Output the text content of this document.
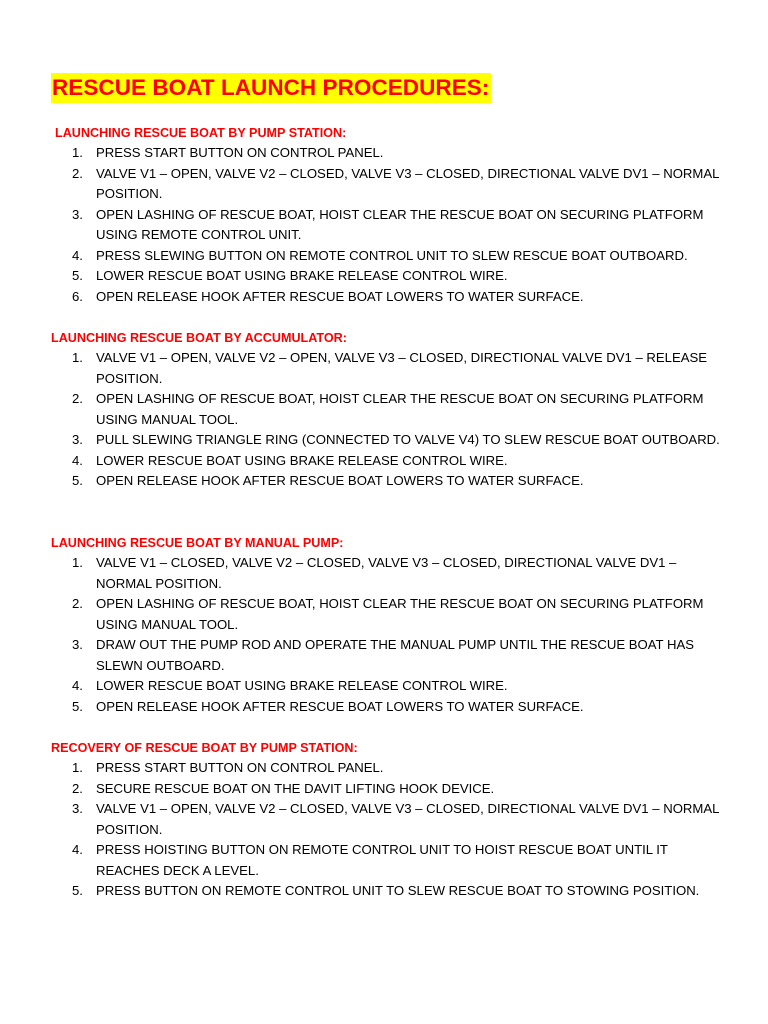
RESCUE BOAT LAUNCH PROCEDURES:
LAUNCHING RESCUE BOAT BY PUMP STATION:
1. PRESS START BUTTON ON CONTROL PANEL.
2. VALVE V1 – OPEN, VALVE V2 – CLOSED, VALVE V3 – CLOSED, DIRECTIONAL VALVE DV1 – NORMAL POSITION.
3. OPEN LASHING OF RESCUE BOAT, HOIST CLEAR THE RESCUE BOAT ON SECURING PLATFORM USING REMOTE CONTROL UNIT.
4. PRESS SLEWING BUTTON ON REMOTE CONTROL UNIT TO SLEW RESCUE BOAT OUTBOARD.
5. LOWER RESCUE BOAT USING BRAKE RELEASE CONTROL WIRE.
6. OPEN RELEASE HOOK AFTER RESCUE BOAT LOWERS TO WATER SURFACE.
LAUNCHING RESCUE BOAT BY ACCUMULATOR:
1. VALVE V1 – OPEN, VALVE V2 – OPEN, VALVE V3 – CLOSED, DIRECTIONAL VALVE DV1 – RELEASE POSITION.
2. OPEN LASHING OF RESCUE BOAT, HOIST CLEAR THE RESCUE BOAT ON SECURING PLATFORM USING MANUAL TOOL.
3. PULL SLEWING TRIANGLE RING (CONNECTED TO VALVE V4) TO SLEW RESCUE BOAT OUTBOARD.
4. LOWER RESCUE BOAT USING BRAKE RELEASE CONTROL WIRE.
5. OPEN RELEASE HOOK AFTER RESCUE BOAT LOWERS TO WATER SURFACE.
LAUNCHING RESCUE BOAT BY MANUAL PUMP:
1. VALVE V1 – CLOSED, VALVE V2 – CLOSED, VALVE V3 – CLOSED, DIRECTIONAL VALVE DV1 – NORMAL POSITION.
2. OPEN LASHING OF RESCUE BOAT, HOIST CLEAR THE RESCUE BOAT ON SECURING PLATFORM USING MANUAL TOOL.
3. DRAW OUT THE PUMP ROD AND OPERATE THE MANUAL PUMP UNTIL THE RESCUE BOAT HAS SLEWN OUTBOARD.
4. LOWER RESCUE BOAT USING BRAKE RELEASE CONTROL WIRE.
5. OPEN RELEASE HOOK AFTER RESCUE BOAT LOWERS TO WATER SURFACE.
RECOVERY OF RESCUE BOAT BY PUMP STATION:
1. PRESS START BUTTON ON CONTROL PANEL.
2. SECURE RESCUE BOAT ON THE DAVIT LIFTING HOOK DEVICE.
3. VALVE V1 – OPEN, VALVE V2 – CLOSED, VALVE V3 – CLOSED, DIRECTIONAL VALVE DV1 – NORMAL POSITION.
4. PRESS HOISTING BUTTON ON REMOTE CONTROL UNIT TO HOIST RESCUE BOAT UNTIL IT REACHES DECK A LEVEL.
5. PRESS BUTTON ON REMOTE CONTROL UNIT TO SLEW RESCUE BOAT TO STOWING POSITION.
